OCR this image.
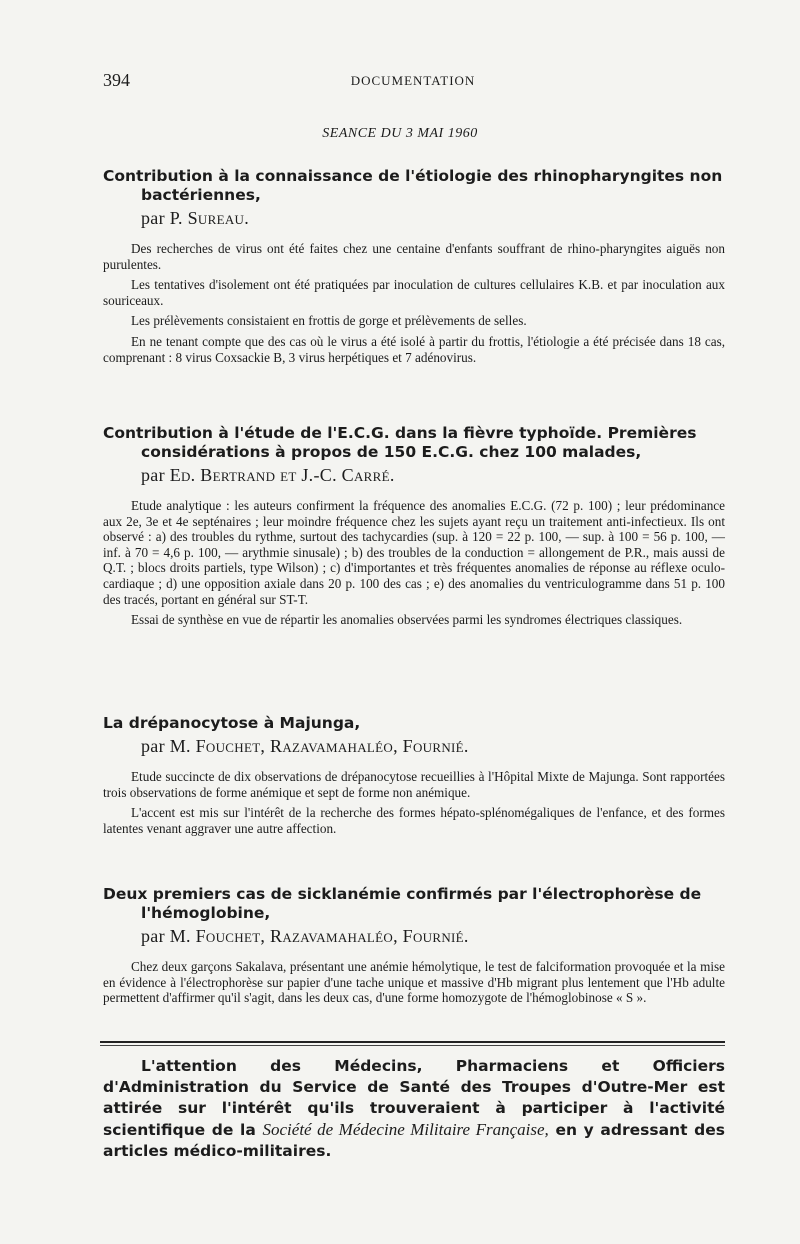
394	DOCUMENTATION
SEANCE DU 3 MAI 1960
Contribution à la connaissance de l'étiologie des rhinopharyngites non
bactériennes,
par P. Sureau.

Des recherches de virus ont été faites chez une centaine d'enfants souffrant de rhino-pharyngites aiguës non purulentes.

Les tentatives d'isolement ont été pratiquées par inoculation de cultures cellulaires K.B. et par inoculation aux souriceaux.

Les prélèvements consistaient en frottis de gorge et prélèvements de selles.

En ne tenant compte que des cas où le virus a été isolé à partir du frottis, l'étiologie a été précisée dans 18 cas, comprenant : 8 virus Coxsackie B, 3 virus herpétiques et 7 adénovirus.

Contribution à l'étude de l'E.C.G. dans la fièvre typhoïde. Premières
considérations à propos de 150 E.C.G. chez 100 malades,
par Ed. Bertrand et J.-C. Carré.

Etude analytique : les auteurs confirment la fréquence des anomalies E.C.G. (72 p. 100) ; leur prédominance aux 2e, 3e et 4e septénaires ; leur moindre fréquence chez les sujets ayant reçu un traitement anti-infectieux. Ils ont observé : a) des troubles du rythme, surtout des tachycardies (sup. à 120 = 22 p. 100, — sup. à 100 = 56 p. 100, — inf. à 70 = 4,6 p. 100, — arythmie sinusale) ; b) des troubles de la conduction = allongement de P.R., mais aussi de Q.T. ; blocs droits partiels, type Wilson) ; c) d'importantes et très fréquentes anomalies de réponse au réflexe oculo-cardiaque ; d) une opposition axiale dans 20 p. 100 des cas ; e) des anomalies du ventriculogramme dans 51 p. 100 des tracés, portant en général sur ST-T.

Essai de synthèse en vue de répartir les anomalies observées parmi les syndromes électriques classiques.

La drépanocytose à Majunga,
par M. Fouchet, Razavamahaléo, Fournié.

Etude succincte de dix observations de drépanocytose recueillies à l'Hôpital Mixte de Majunga. Sont rapportées trois observations de forme anémique et sept de forme non anémique.

L'accent est mis sur l'intérêt de la recherche des formes hépato-splénomégaliques de l'enfance, et des formes latentes venant aggraver une autre affection.

Deux premiers cas de sicklanémie confirmés par l'électrophorèse de
l'hémoglobine,
par M. Fouchet, Razavamahaléo, Fournié.

Chez deux garçons Sakalava, présentant une anémie hémolytique, le test de falciformation provoquée et la mise en évidence à l'électrophorèse sur papier d'une tache unique et massive d'Hb migrant plus lentement que l'Hb adulte permettent d'affirmer qu'il s'agit, dans les deux cas, d'une forme homozygote de l'hémoglobinose « S ».

L'attention des Médecins, Pharmaciens et Officiers d'Administration du Service de Santé des Troupes d'Outre-Mer est attirée sur l'intérêt qu'ils trouveraient à participer à l'activité scientifique de la Société de Médecine Militaire Française, en y adressant des articles médico-militaires.
